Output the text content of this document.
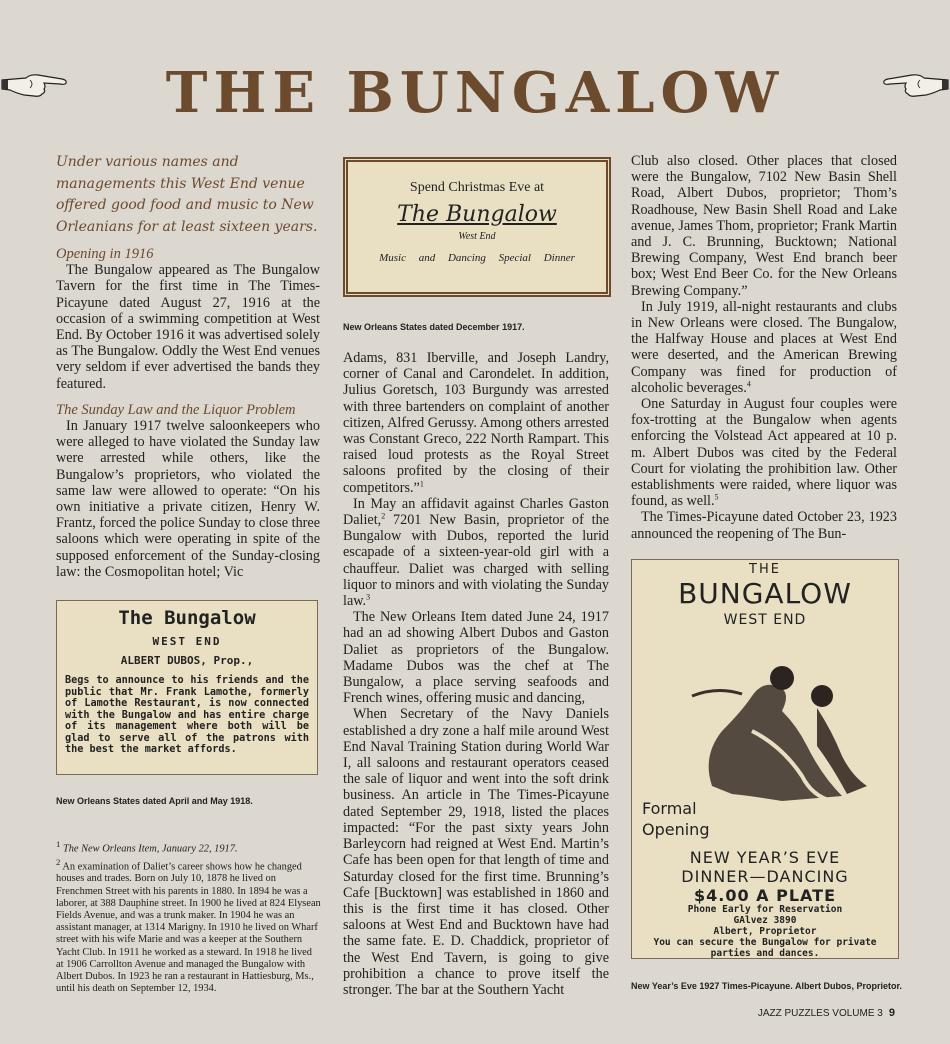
THE BUNGALOW
Under various names and managements this West End venue offered good food and music to New Orleanians for at least sixteen years.
Opening in 1916

The Bungalow appeared as The Bungalow Tavern for the first time in The Times-Picayune dated August 27, 1916 at the occasion of a swimming competition at West End. By October 1916 it was advertised solely as The Bungalow. Oddly the West End venues very seldom if ever advertised the bands they featured.

The Sunday Law and the Liquor Problem

In January 1917 twelve saloonkeepers who were alleged to have violated the Sunday law were arrested while others, like the Bungalow’s proprietors, who violated the same law were allowed to operate: “On his own initiative a private citizen, Henry W. Frantz, forced the police Sunday to close three saloons which were operating in spite of the supposed enforcement of the Sunday-closing law: the Cosmopolitan hotel; Vic

Spend Christmas Eve at
The Bungalow
West End
Music and Dancing Special Dinner
New Orleans States dated December 1917.

Adams, 831 Iberville, and Joseph Landry, corner of Canal and Carondelet. In addition, Julius Goretsch, 103 Burgundy was arrested with three bartenders on complaint of another citizen, Alfred Gerussy. Among others arrested was Constant Greco, 222 North Rampart. This raised loud protests as the Royal Street saloons profited by the closing of their competitors.”$^1$

In May an affidavit against Charles Gaston Daliet,$^2$ 7201 New Basin, proprietor of the Bungalow with Dubos, reported the lurid escapade of a sixteen-year-old girl with a chauffeur. Daliet was charged with selling liquor to minors and with violating the Sunday law.$^3$

The New Orleans Item dated June 24, 1917 had an ad showing Albert Dubos and Gaston Daliet as proprietors of the Bungalow. Madame Dubos was the chef at The Bungalow, a place serving seafoods and French wines, offering music and dancing,

When Secretary of the Navy Daniels established a dry zone a half mile around West End Naval Training Station during World War I, all saloons and restaurant operators ceased the sale of liquor and went into the soft drink business. An article in The Times-Picayune dated September 29, 1918, listed the places impacted: “For the past sixty years John Barleycorn had reigned at West End. Martin’s Cafe has been open for that length of time and Saturday closed for the first time. Brunning’s Cafe [Bucktown] was established in 1860 and this is the first time it has closed. Other saloons at West End and Bucktown have had the same fate. E. D. Chaddick, proprietor of the West End Tavern, is going to give prohibition a chance to prove itself the stronger. The bar at the Southern Yacht

Club also closed. Other places that closed were the Bungalow, 7102 New Basin Shell Road, Albert Dubos, proprietor; Thom’s Roadhouse, New Basin Shell Road and Lake avenue, James Thom, proprietor; Frank Martin and J. C. Brunning, Bucktown; National Brewing Company, West End branch beer box; West End Beer Co. for the New Orleans Brewing Company.”

In July 1919, all-night restaurants and clubs in New Orleans were closed. The Bungalow, the Halfway House and places at West End were deserted, and the American Brewing Company was fined for production of alcoholic beverages.$^4$

One Saturday in August four couples were fox-trotting at the Bungalow when agents enforcing the Volstead Act appeared at 10 p. m. Albert Dubos was cited by the Federal Court for violating the prohibition law. Other establishments were raided, where liquor was found, as well.$^5$

The Times-Picayune dated October 23, 1923 announced the reopening of The Bun-

The Bungalow
WEST END
ALBERT DUBOS, Prop.,
Begs to announce to his friends and the public that Mr. Frank Lamothe, formerly of Lamothe Restaurant, is now connected with the Bungalow and has entire charge of its management where both will be glad to serve all of the patrons with the best the market affords.
New Orleans States dated April and May 1918.
THE
BUNGALOW
WEST END
Formal
Opening
NEW YEAR’S EVE
DINNER—DANCING
$4.00 A PLATE
Phone Early for Reservation
GAlvez 3890
Albert, Proprietor
You can secure the Bungalow for private parties and dances.
New Year’s Eve 1927 Times-Picayune. Albert Dubos, Proprietor.

$^1$ The New Orleans Item, January 22, 1917.

$^2$ An examination of Daliet’s career shows how he changed houses and trades. Born on July 10, 1878 he lived on Frenchmen Street with his parents in 1880. In 1894 he was a laborer, at 388 Dauphine street. In 1900 he lived at 824 Elysean Fields Avenue, and was a trunk maker. In 1904 he was an assistant manager, at 1314 Marigny. In 1910 he lived on Wharf street with his wife Marie and was a keeper at the Southern Yacht Club. In 1911 he worked as a steward. In 1918 he lived at 1906 Carrollton Avenue and managed the Bungalow with Albert Dubos. In 1923 he ran a restaurant in Hattiesburg, Ms., until his death on September 12, 1934.

JAZZ PUZZLES VOLUME 3 9
